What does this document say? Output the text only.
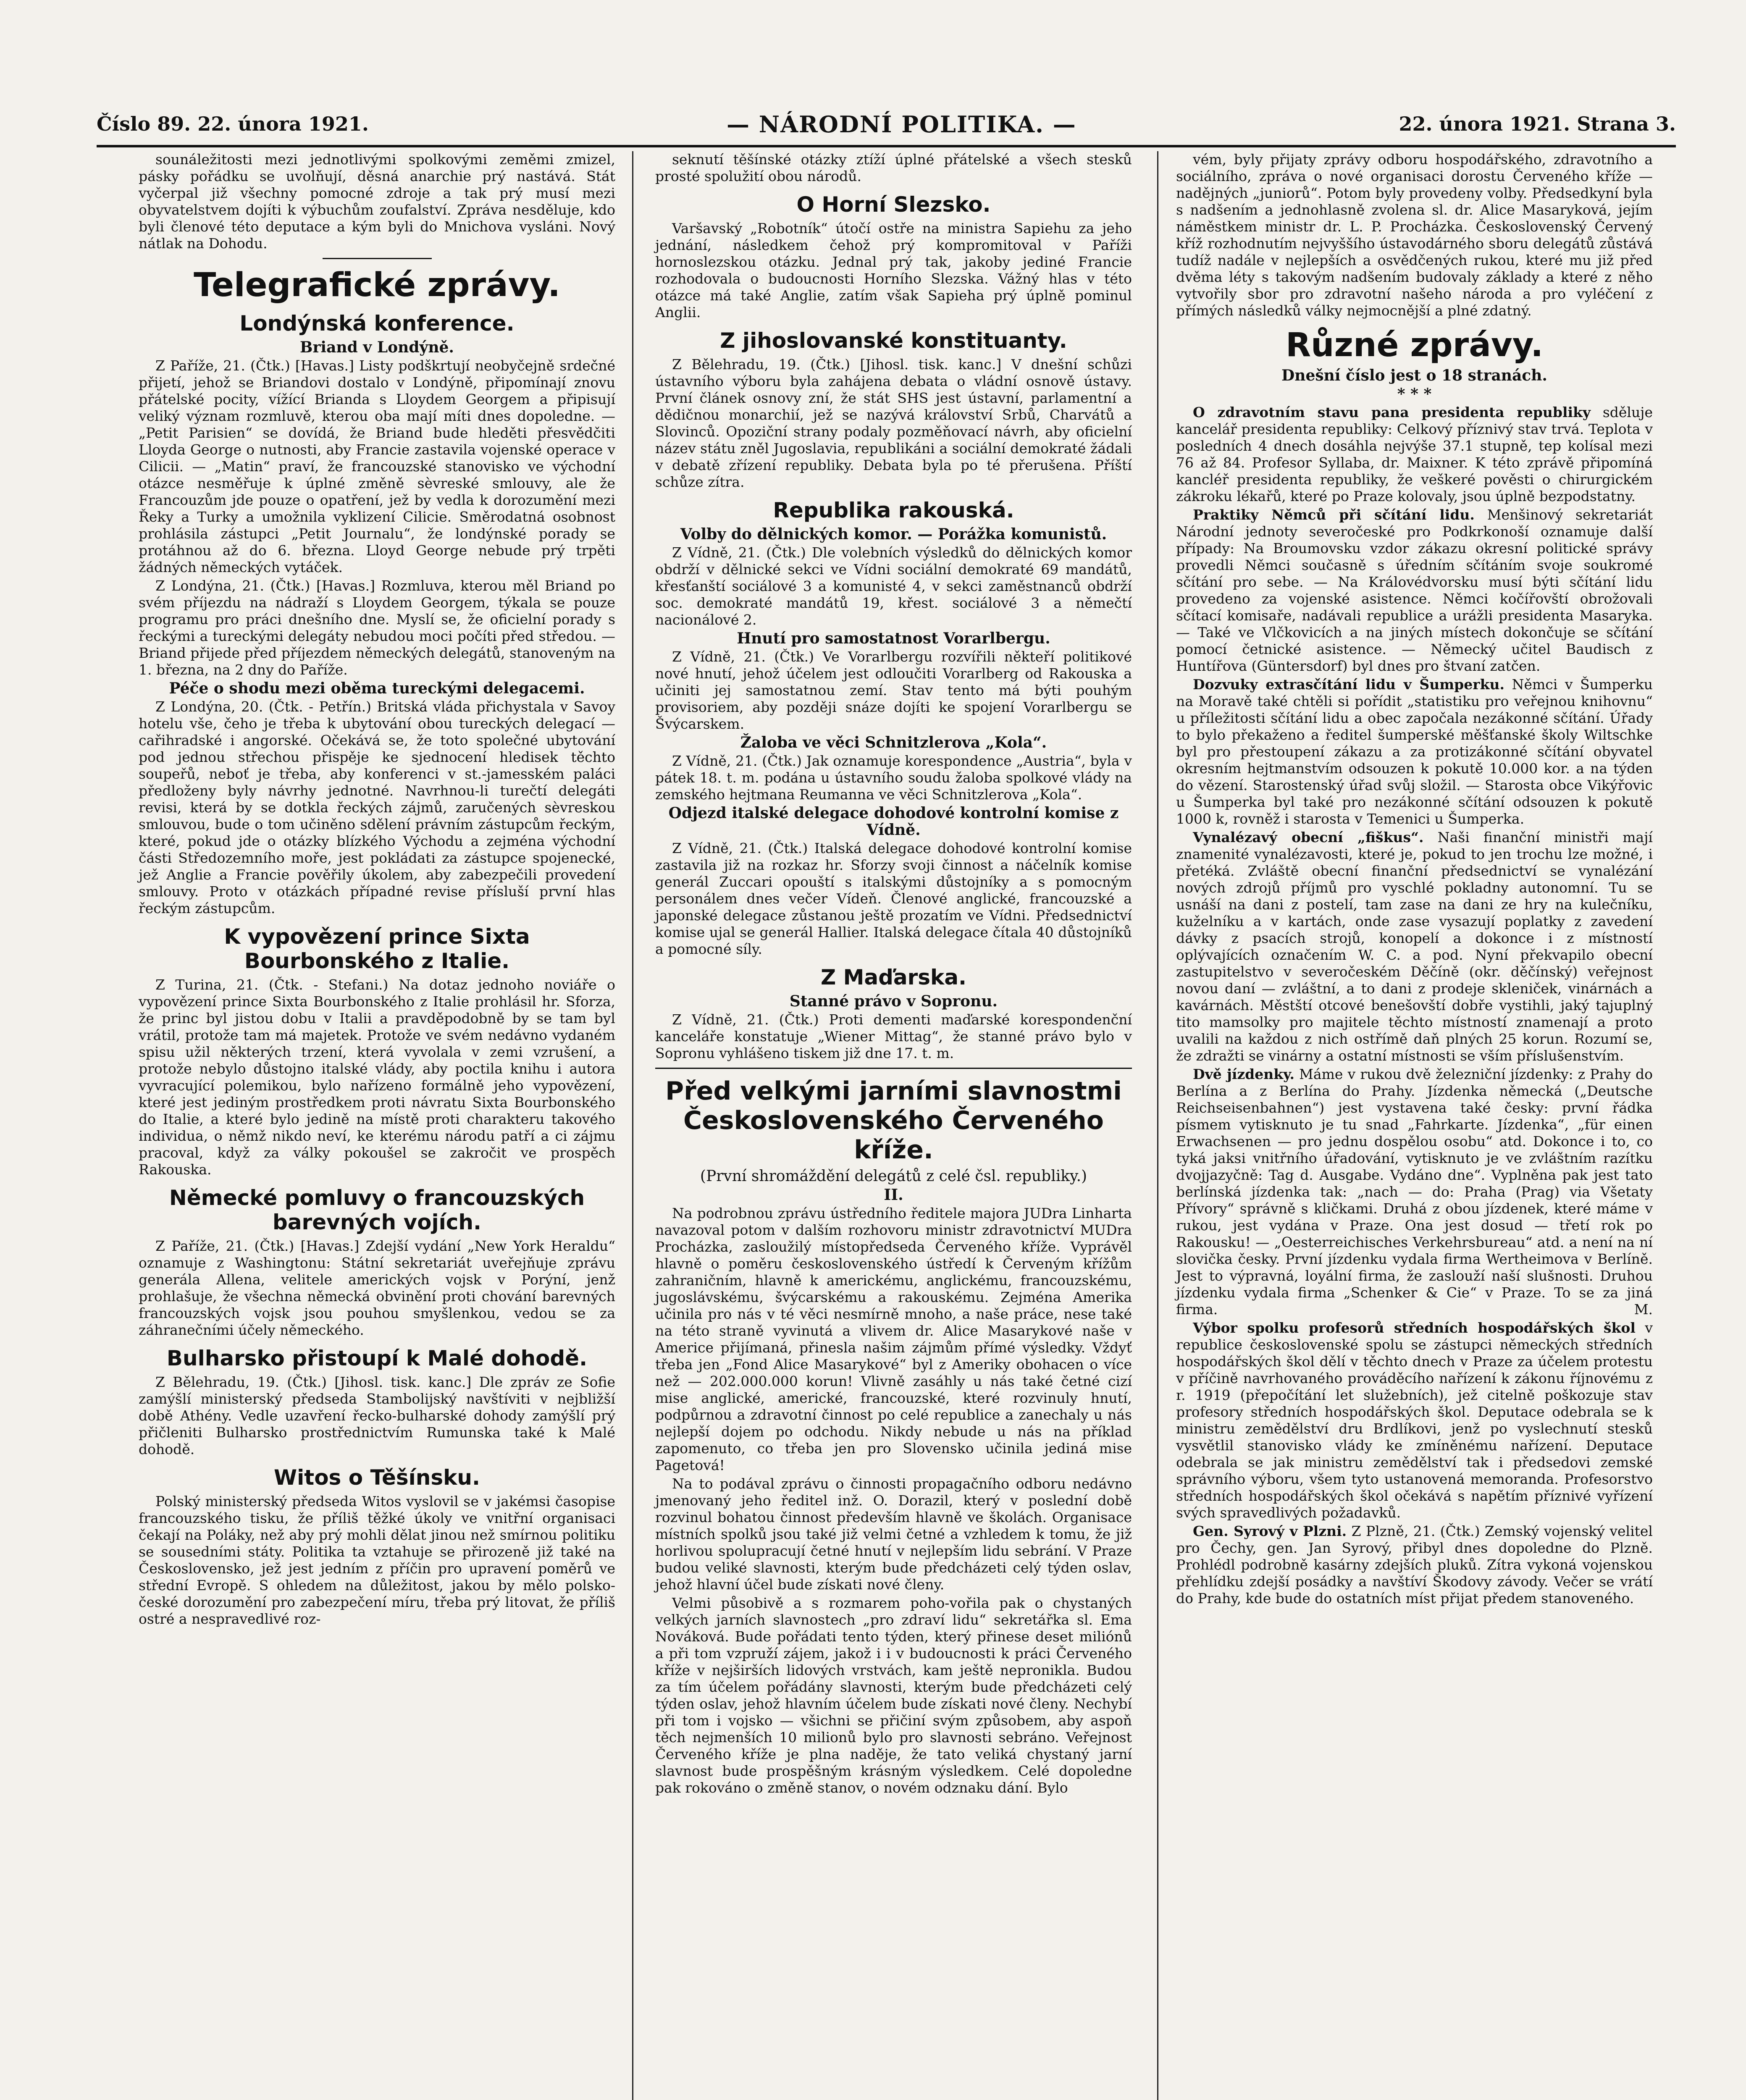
Číslo 89. 22. února 1921.	— NÁRODNÍ POLITIKA. —	22. února 1921. Strana 3.

sounáležitosti mezi jednotlivými spolkovými zeměmi zmizel, pásky pořádku se uvolňují, děsná anarchie prý nastává. Stát vyčerpal již všechny pomocné zdroje a tak prý musí mezi obyvatelstvem dojíti k výbuchům zoufalství. Zpráva nesděluje, kdo byli členové této deputace a kým byli do Mnichova vysláni. Nový nátlak na Dohodu.

Telegrafické zprávy.
Londýnská konference.
Briand v Londýně.

Z Paříže, 21. (Čtk.) [Havas.] Listy podškrtují neobyčejně srdečné přijetí, jehož se Briandovi dostalo v Londýně, připomínají znovu přátelské pocity, vížící Brianda s Lloydem Georgem a připisují veliký význam rozmluvě, kterou oba mají míti dnes dopoledne. — „Petit Parisien“ se dovídá, že Briand bude hleděti přesvědčiti Lloyda George o nutnosti, aby Francie zastavila vojenské operace v Cilicii. — „Matin“ praví, že francouzské stanovisko ve východní otázce nesměřuje k úplné změně sèvreské smlouvy, ale že Francouzům jde pouze o opatření, jež by vedla k dorozumění mezi Řeky a Turky a umožnila vyklizení Cilicie. Směrodatná osobnost prohlásila zástupci „Petit Journalu“, že londýnské porady se protáhnou až do 6. března. Lloyd George nebude prý trpěti žádných německých vytáček.

Z Londýna, 21. (Čtk.) [Havas.] Rozmluva, kterou měl Briand po svém příjezdu na nádraží s Lloydem Georgem, týkala se pouze programu pro práci dnešního dne. Myslí se, že oficielní porady s řeckými a tureckými delegáty nebudou moci počíti před středou. — Briand přijede před příjezdem německých delegátů, stanoveným na 1. března, na 2 dny do Paříže.

Péče o shodu mezi oběma tureckými delegacemi.

Z Londýna, 20. (Čtk. - Petřín.) Britská vláda přichystala v Savoy hotelu vše, čeho je třeba k ubytování obou tureckých delegací — cařihradské i angorské. Očekává se, že toto společné ubytování pod jednou střechou přispěje ke sjednocení hledisek těchto soupeřů, neboť je třeba, aby konferenci v st.-jamesském paláci předloženy byly návrhy jednotné. Navrhnou-li turečtí delegáti revisi, která by se dotkla řeckých zájmů, zaručených sèvreskou smlouvou, bude o tom učiněno sdělení právním zástupcům řeckým, které, pokud jde o otázky blízkého Východu a zejména východní části Středozemního moře, jest pokládati za zástupce spojenecké, jež Anglie a Francie pověřily úkolem, aby zabezpečili provedení smlouvy. Proto v otázkách případné revise přísluší první hlas řeckým zástupcům.

K vypovězení prince Sixta Bourbonského z Italie.

Z Turina, 21. (Čtk. - Stefani.) Na dotaz jednoho noviáře o vypovězení prince Sixta Bourbonského z Italie prohlásil hr. Sforza, že princ byl jistou dobu v Italii a pravděpodobně by se tam byl vrátil, protože tam má majetek. Protože ve svém nedávno vydaném spisu užil některých trzení, která vyvolala v zemi vzrušení, a protože nebylo důstojno italské vlády, aby poctila knihu i autora vyvracující polemikou, bylo nařízeno formálně jeho vypovězení, které jest jediným prostředkem proti návratu Sixta Bourbonského do Italie, a které bylo jedině na místě proti charakteru takového individua, o němž nikdo neví, ke kterému národu patří a ci zájmu pracoval, když za války pokoušel se zakročit ve prospěch Rakouska.

Německé pomluvy o francouzských barevných vojích.

Z Paříže, 21. (Čtk.) [Havas.] Zdejší vydání „New York Heraldu“ oznamuje z Washingtonu: Státní sekretariát uveřejňuje zprávu generála Allena, velitele amerických vojsk v Porýní, jenž prohlašuje, že všechna německá obvinění proti chování barevných francouzských vojsk jsou pouhou smyšlenkou, vedou se za záhranečními účely německého.

Bulharsko přistoupí k Malé dohodě.

Z Bělehradu, 19. (Čtk.) [Jihosl. tisk. kanc.] Dle zpráv ze Sofie zamýšlí ministerský předseda Stambolijský navštíviti v nejbližší době Athény. Vedle uzavření řecko-bulharské dohody zamýšlí prý přičleniti Bulharsko prostřednictvím Rumunska také k Malé dohodě.

Witos o Těšínsku.

Polský ministerský předseda Witos vyslovil se v jakémsi časopise francouzského tisku, že příliš těžké úkoly ve vnitřní organisaci čekají na Poláky, než aby prý mohli dělat jinou než smírnou politiku se sousedními státy. Politika ta vztahuje se přirozeně již také na Československo, jež jest jedním z příčin pro upravení poměrů ve střední Evropě. S ohledem na důležitost, jakou by mělo polsko-české dorozumění pro zabezpečení míru, třeba prý litovat, že příliš ostré a nespravedlivé roz-

seknutí těšínské otázky ztíží úplné přátelské a všech stesků prosté spolužití obou národů.

O Horní Slezsko.

Varšavský „Robotník“ útočí ostře na ministra Sapiehu za jeho jednání, následkem čehož prý kompromitoval v Paříži hornoslezskou otázku. Jednal prý tak, jakoby jediné Francie rozhodovala o budoucnosti Horního Slezska. Vážný hlas v této otázce má také Anglie, zatím však Sapieha prý úplně pominul Anglii.

Z jihoslovanské konstituanty.

Z Bělehradu, 19. (Čtk.) [Jihosl. tisk. kanc.] V dnešní schůzi ústavního výboru byla zahájena debata o vládní osnově ústavy. První článek osnovy zní, že stát SHS jest ústavní, parlamentní a dědičnou monarchií, jež se nazývá království Srbů, Charvátů a Slovinců. Opoziční strany podaly pozměňovací návrh, aby oficielní název státu zněl Jugoslavia, republikáni a sociální demokraté žádali v debatě zřízení republiky. Debata byla po té přerušena. Příští schůze zítra.

Republika rakouská.
Volby do dělnických komor. — Porážka komunistů.

Z Vídně, 21. (Čtk.) Dle volebních výsledků do dělnických komor obdrží v dělnické sekci ve Vídni sociální demokraté 69 mandátů, křesťanští sociálové 3 a komunisté 4, v sekci zaměstnanců obdrží soc. demokraté mandátů 19, křest. sociálové 3 a němečtí nacionálové 2.

Hnutí pro samostatnost Vorarlbergu.

Z Vídně, 21. (Čtk.) Ve Vorarlbergu rozvířili někteří politikové nové hnutí, jehož účelem jest odloučiti Vorarlberg od Rakouska a učiniti jej samostatnou zemí. Stav tento má býti pouhým provisoriem, aby později snáze dojíti ke spojení Vorarlbergu se Švýcarskem.

Žaloba ve věci Schnitzlerova „Kola“.

Z Vídně, 21. (Čtk.) Jak oznamuje korespondence „Austria“, byla v pátek 18. t. m. podána u ústavního soudu žaloba spolkové vlády na zemského hejtmana Reumanna ve věci Schnitzlerova „Kola“.

Odjezd italské delegace dohodové kontrolní komise z Vídně.

Z Vídně, 21. (Čtk.) Italská delegace dohodové kontrolní komise zastavila již na rozkaz hr. Sforzy svoji činnost a náčelník komise generál Zuccari opouští s italskými důstojníky a s pomocným personálem dnes večer Vídeň. Členové anglické, francouzské a japonské delegace zůstanou ještě prozatím ve Vídni. Předsednictví komise ujal se generál Hallier. Italská delegace čítala 40 důstojníků a pomocné síly.

Z Maďarska.
Stanné právo v Sopronu.

Z Vídně, 21. (Čtk.) Proti dementi maďarské korespondenční kanceláře konstatuje „Wiener Mittag“, že stanné právo bylo v Sopronu vyhlášeno tiskem již dne 17. t. m.

Před velkými jarními slavnostmi Československého Červeného kříže.
(První shromáždění delegátů z celé čsl. republiky.)
II.

Na podrobnou zprávu ústředního ředitele majora JUDra Linharta navazoval potom v dalším rozhovoru ministr zdravotnictví MUDra Procházka, zasloužilý místopředseda Červeného kříže. Vyprávěl hlavně o poměru československého ústředí k Červeným křížům zahraničním, hlavně k americkému, anglickému, francouzskému, jugoslávskému, švýcarskému a rakouskému. Zejména Amerika učinila pro nás v té věci nesmírně mnoho, a naše práce, nese také na této straně vyvinutá a vlivem dr. Alice Masarykové naše v Americe přijímaná, přinesla našim zájmům přímé výsledky. Vždyť třeba jen „Fond Alice Masarykové“ byl z Ameriky obohacen o více než — 202.000.000 korun! Vlivně zasáhly u nás také četné cizí mise anglické, americké, francouzské, které rozvinuly hnutí, podpůrnou a zdravotní činnost po celé republice a zanechaly u nás nejlepší dojem po odchodu. Nikdy nebude u nás na příklad zapomenuto, co třeba jen pro Slovensko učinila jediná mise Pagetová!

Na to podával zprávu o činnosti propagačního odboru nedávno jmenovaný jeho ředitel inž. O. Dorazil, který v poslední době rozvinul bohatou činnost především hlavně ve školách. Organisace místních spolků jsou také již velmi četné a vzhledem k tomu, že již horlivou spolupracují četné hnutí v nejlepším lidu sebrání. V Praze budou veliké slavnosti, kterým bude předcházeti celý týden oslav, jehož hlavní účel bude získati nové členy.

Velmi působivě a s rozmarem poho-vořila pak o chystaných velkých jarních slavnostech „pro zdraví lidu“ sekretářka sl. Ema Nováková. Bude pořádati tento týden, který přinese deset miliónů a při tom vzpruží zájem, jakož i i v budoucnosti k práci Červeného kříže v nejširších lidových vrstvách, kam ještě nepronikla. Budou za tím účelem pořádány slavnosti, kterým bude předcházeti celý týden oslav, jehož hlavním účelem bude získati nové členy. Nechybí při tom i vojsko — všichni se přičiní svým způsobem, aby aspoň těch nejmenších 10 milionů bylo pro slavnosti sebráno. Veřejnost Červeného kříže je plna naděje, že tato veliká chystaný jarní slavnost bude prospěšným krásným výsledkem. Celé dopoledne pak rokováno o změně stanov, o novém odznaku dání. Bylo

vém, byly přijaty zprávy odboru hospodářského, zdravotního a sociálního, zpráva o nové organisaci dorostu Červeného kříže — nadějných „juniorů“. Potom byly provedeny volby. Předsedkyní byla s nadšením a jednohlasně zvolena sl. dr. Alice Masaryková, jejím náměstkem ministr dr. L. P. Procházka. Československý Červený kříž rozhodnutím nejvyššího ústavodárného sboru delegátů zůstává tudíž nadále v nejlepších a osvědčených rukou, které mu již před dvěma léty s takovým nadšením budovaly základy a které z něho vytvořily sbor pro zdravotní našeho národa a pro vyléčení z přímých následků války nejmocnější a plné zdatný.

Různé zprávy.
Dnešní číslo jest o 18 stranách.
* * *

O zdravotním stavu pana presidenta republiky sděluje kancelář presidenta republiky: Celkový příznivý stav trvá. Teplota v posledních 4 dnech dosáhla nejvýše 37.1 stupně, tep kolísal mezi 76 až 84. Profesor Syllaba, dr. Maixner. K této zprávě připomíná kancléř presidenta republiky, že veškeré pověsti o chirurgickém zákroku lékařů, které po Praze kolovaly, jsou úplně bezpodstatny.

Praktiky Němců při sčítání lidu. Menšinový sekretariát Národní jednoty severočeské pro Podkrkonoší oznamuje další případy: Na Broumovsku vzdor zákazu okresní politické správy provedli Němci současně s úředním sčítáním svoje soukromé sčítání pro sebe. — Na Královédvorsku musí býti sčítání lidu provedeno za vojenské asistence. Němci kočířovští obrožovali sčítací komisaře, nadávali republice a urážli presidenta Masaryka. — Také ve Vlčkovicích a na jiných místech dokončuje se sčítání pomocí četnické asistence. — Německý učitel Baudisch z Huntířova (Güntersdorf) byl dnes pro štvaní zatčen.

Dozvuky extrasčítání lidu v Šumperku. Němci v Šumperku na Moravě také chtěli si pořídit „statistiku pro veřejnou knihovnu“ u příležitosti sčítání lidu a obec započala nezákonné sčítání. Úřady to bylo překaženo a ředitel šumperské měšťanské školy Wiltschke byl pro přestoupení zákazu a za protizákonné sčítání obyvatel okresním hejtmanstvím odsouzen k pokutě 10.000 kor. a na týden do vězení. Starostenský úřad svůj složil. — Starosta obce Vikýřovic u Šumperka byl také pro nezákonné sčítání odsouzen k pokutě 1000 k, rovněž i starosta v Temenici u Šumperka.

Vynalézavý obecní „fiškus“. Naši finanční ministři mají znamenité vynalézavosti, které je, pokud to jen trochu lze možné, i přetéká. Zvláště obecní finanční předsednictví se vynalézání nových zdrojů příjmů pro vyschlé pokladny autonomní. Tu se usnáší na dani z postelí, tam zase na dani ze hry na kulečníku, kuželníku a v kartách, onde zase vysazují poplatky z zavedení dávky z psacích strojů, konopelí a dokonce i z místností oplývajících označením W. C. a pod. Nyní překvapilo obecní zastupitelstvo v severočeském Děčíně (okr. děčínský) veřejnost novou daní — zvláštní, a to dani z prodeje skleniček, vinárnách a kavárnách. Městští otcové benešovští dobře vystihli, jaký tajuplný tito mamsolky pro majitele těchto místností znamenají a proto uvalili na každou z nich ostřímě daň plných 25 korun. Rozumí se, že zdražti se vinárny a ostatní místnosti se vším příslušenstvím.

Dvě jízdenky. Máme v rukou dvě železniční jízdenky: z Prahy do Berlína a z Berlína do Prahy. Jízdenka německá („Deutsche Reichseisenbahnen“) jest vystavena také česky: první řádka písmem vytisknuto je tu snad „Fahrkarte. Jízdenka“, „für einen Erwachsenen — pro jednu dospělou osobu“ atd. Dokonce i to, co tyká jaksi vnitřního úřadování, vytisknuto je ve zvláštním razítku dvojjazyčně: Tag d. Ausgabe. Vydáno dne“. Vyplněna pak jest tato berlínská jízdenka tak: „nach — do: Praha (Prag) via Všetaty Přívory“ správně s kličkami. Druhá z obou jízdenek, které máme v rukou, jest vydána v Praze. Ona jest dosud — třetí rok po Rakousku! — „Oesterreichisches Verkehrsbureau“ atd. a není na ní slovička česky. První jízdenku vydala firma Wertheimova v Berlíně. Jest to výpravná, loyální firma, že zaslouží naší slušnosti. Druhou jízdenku vydala firma „Schenker & Cie“ v Praze. To se za jiná firma.	M.

Výbor spolku profesorů středních hospodářských škol v republice československé spolu se zástupci německých středních hospodářských škol dělí v těchto dnech v Praze za účelem protestu v příčině navrhovaného prováděcího nařízení k zákonu říjnovému z r. 1919 (přepočítání let služebních), jež citelně poškozuje stav profesory středních hospodářských škol. Deputace odebrala se k ministru zemědělství dru Brdlíkovi, jenž po vyslechnutí stesků vysvětlil stanovisko vlády ke zmíněnému nařízení. Deputace odebrala se jak ministru zemědělství tak i předsedovi zemské správního výboru, všem tyto ustanovená memoranda. Profesorstvo středních hospodářských škol očekává s napětím příznivé vyřízení svých spravedlivých požadavků.

Gen. Syrový v Plzni. Z Plzně, 21. (Čtk.) Zemský vojenský velitel pro Čechy, gen. Jan Syrový, přibyl dnes dopoledne do Plzně. Prohlédl podrobně kasárny zdejších pluků. Zítra vykoná vojenskou přehlídku zdejší posádky a navštíví Škodovy závody. Večer se vrátí do Prahy, kde bude do ostatních míst přijat předem stanoveného.
